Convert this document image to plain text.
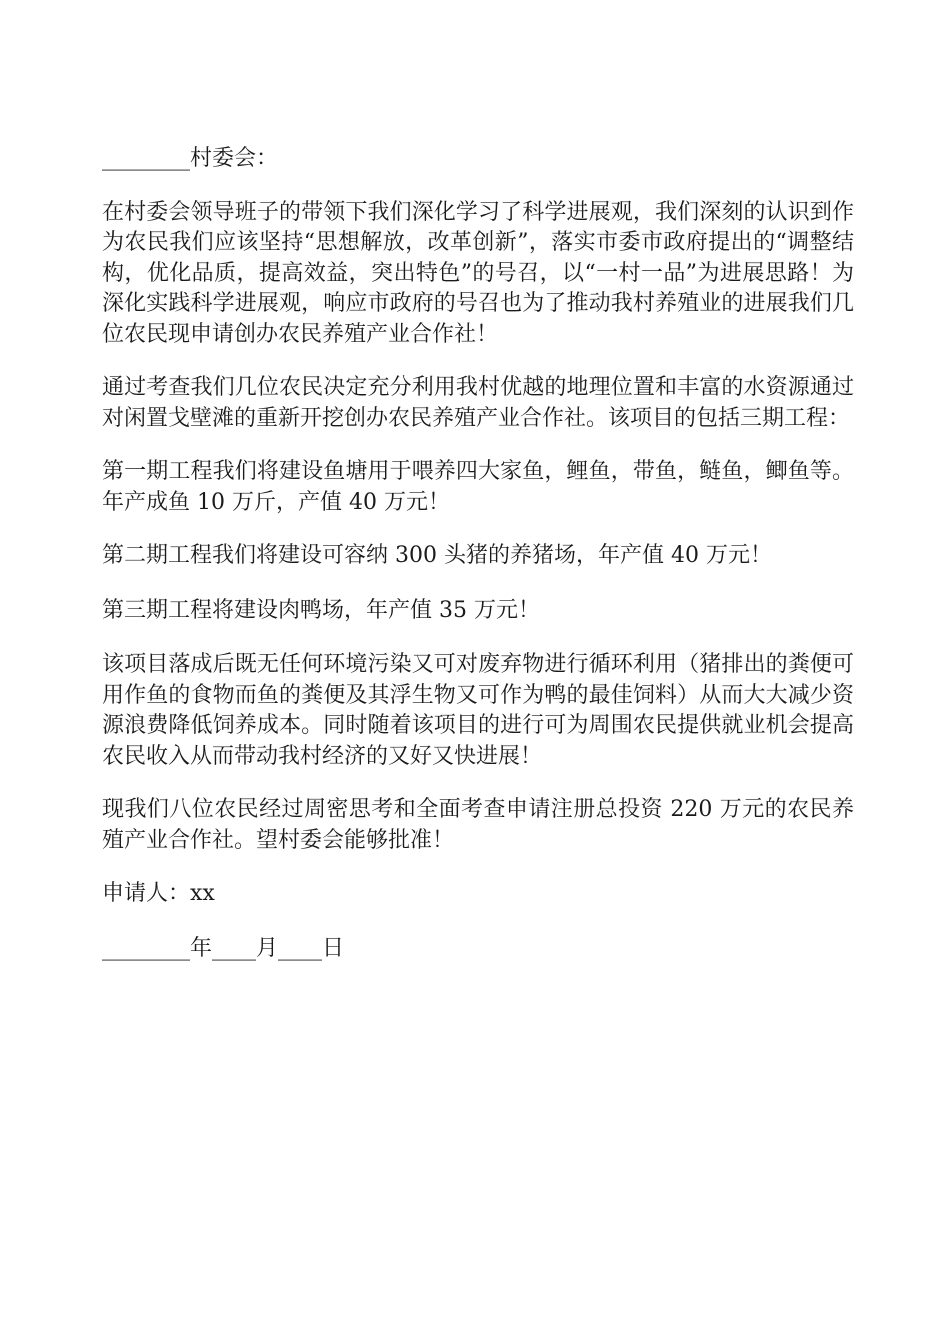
________村委会：

在村委会领导班子的带领下我们深化学习了科学进展观，我们深刻的认识到作为农民我们应该坚持“思想解放，改革创新”，落实市委市政府提出的“调整结构，优化品质，提高效益，突出特色”的号召，以“一村一品”为进展思路！为深化实践科学进展观，响应市政府的号召也为了推动我村养殖业的进展我们几位农民现申请创办农民养殖产业合作社！

通过考查我们几位农民决定充分利用我村优越的地理位置和丰富的水资源通过对闲置戈壁滩的重新开挖创办农民养殖产业合作社。该项目的包括三期工程：

第一期工程我们将建设鱼塘用于喂养四大家鱼，鲤鱼，带鱼，鲢鱼，鲫鱼等。年产成鱼 10 万斤，产值 40 万元！

第二期工程我们将建设可容纳 300 头猪的养猪场，年产值 40 万元！

第三期工程将建设肉鸭场，年产值 35 万元！

该项目落成后既无任何环境污染又可对废弃物进行循环利用（猪排出的粪便可用作鱼的食物而鱼的粪便及其浮生物又可作为鸭的最佳饲料）从而大大减少资源浪费降低饲养成本。同时随着该项目的进行可为周围农民提供就业机会提高农民收入从而带动我村经济的又好又快进展！

现我们八位农民经过周密思考和全面考查申请注册总投资 220 万元的农民养殖产业合作社。望村委会能够批准！

申请人：xx

________年____月____日
